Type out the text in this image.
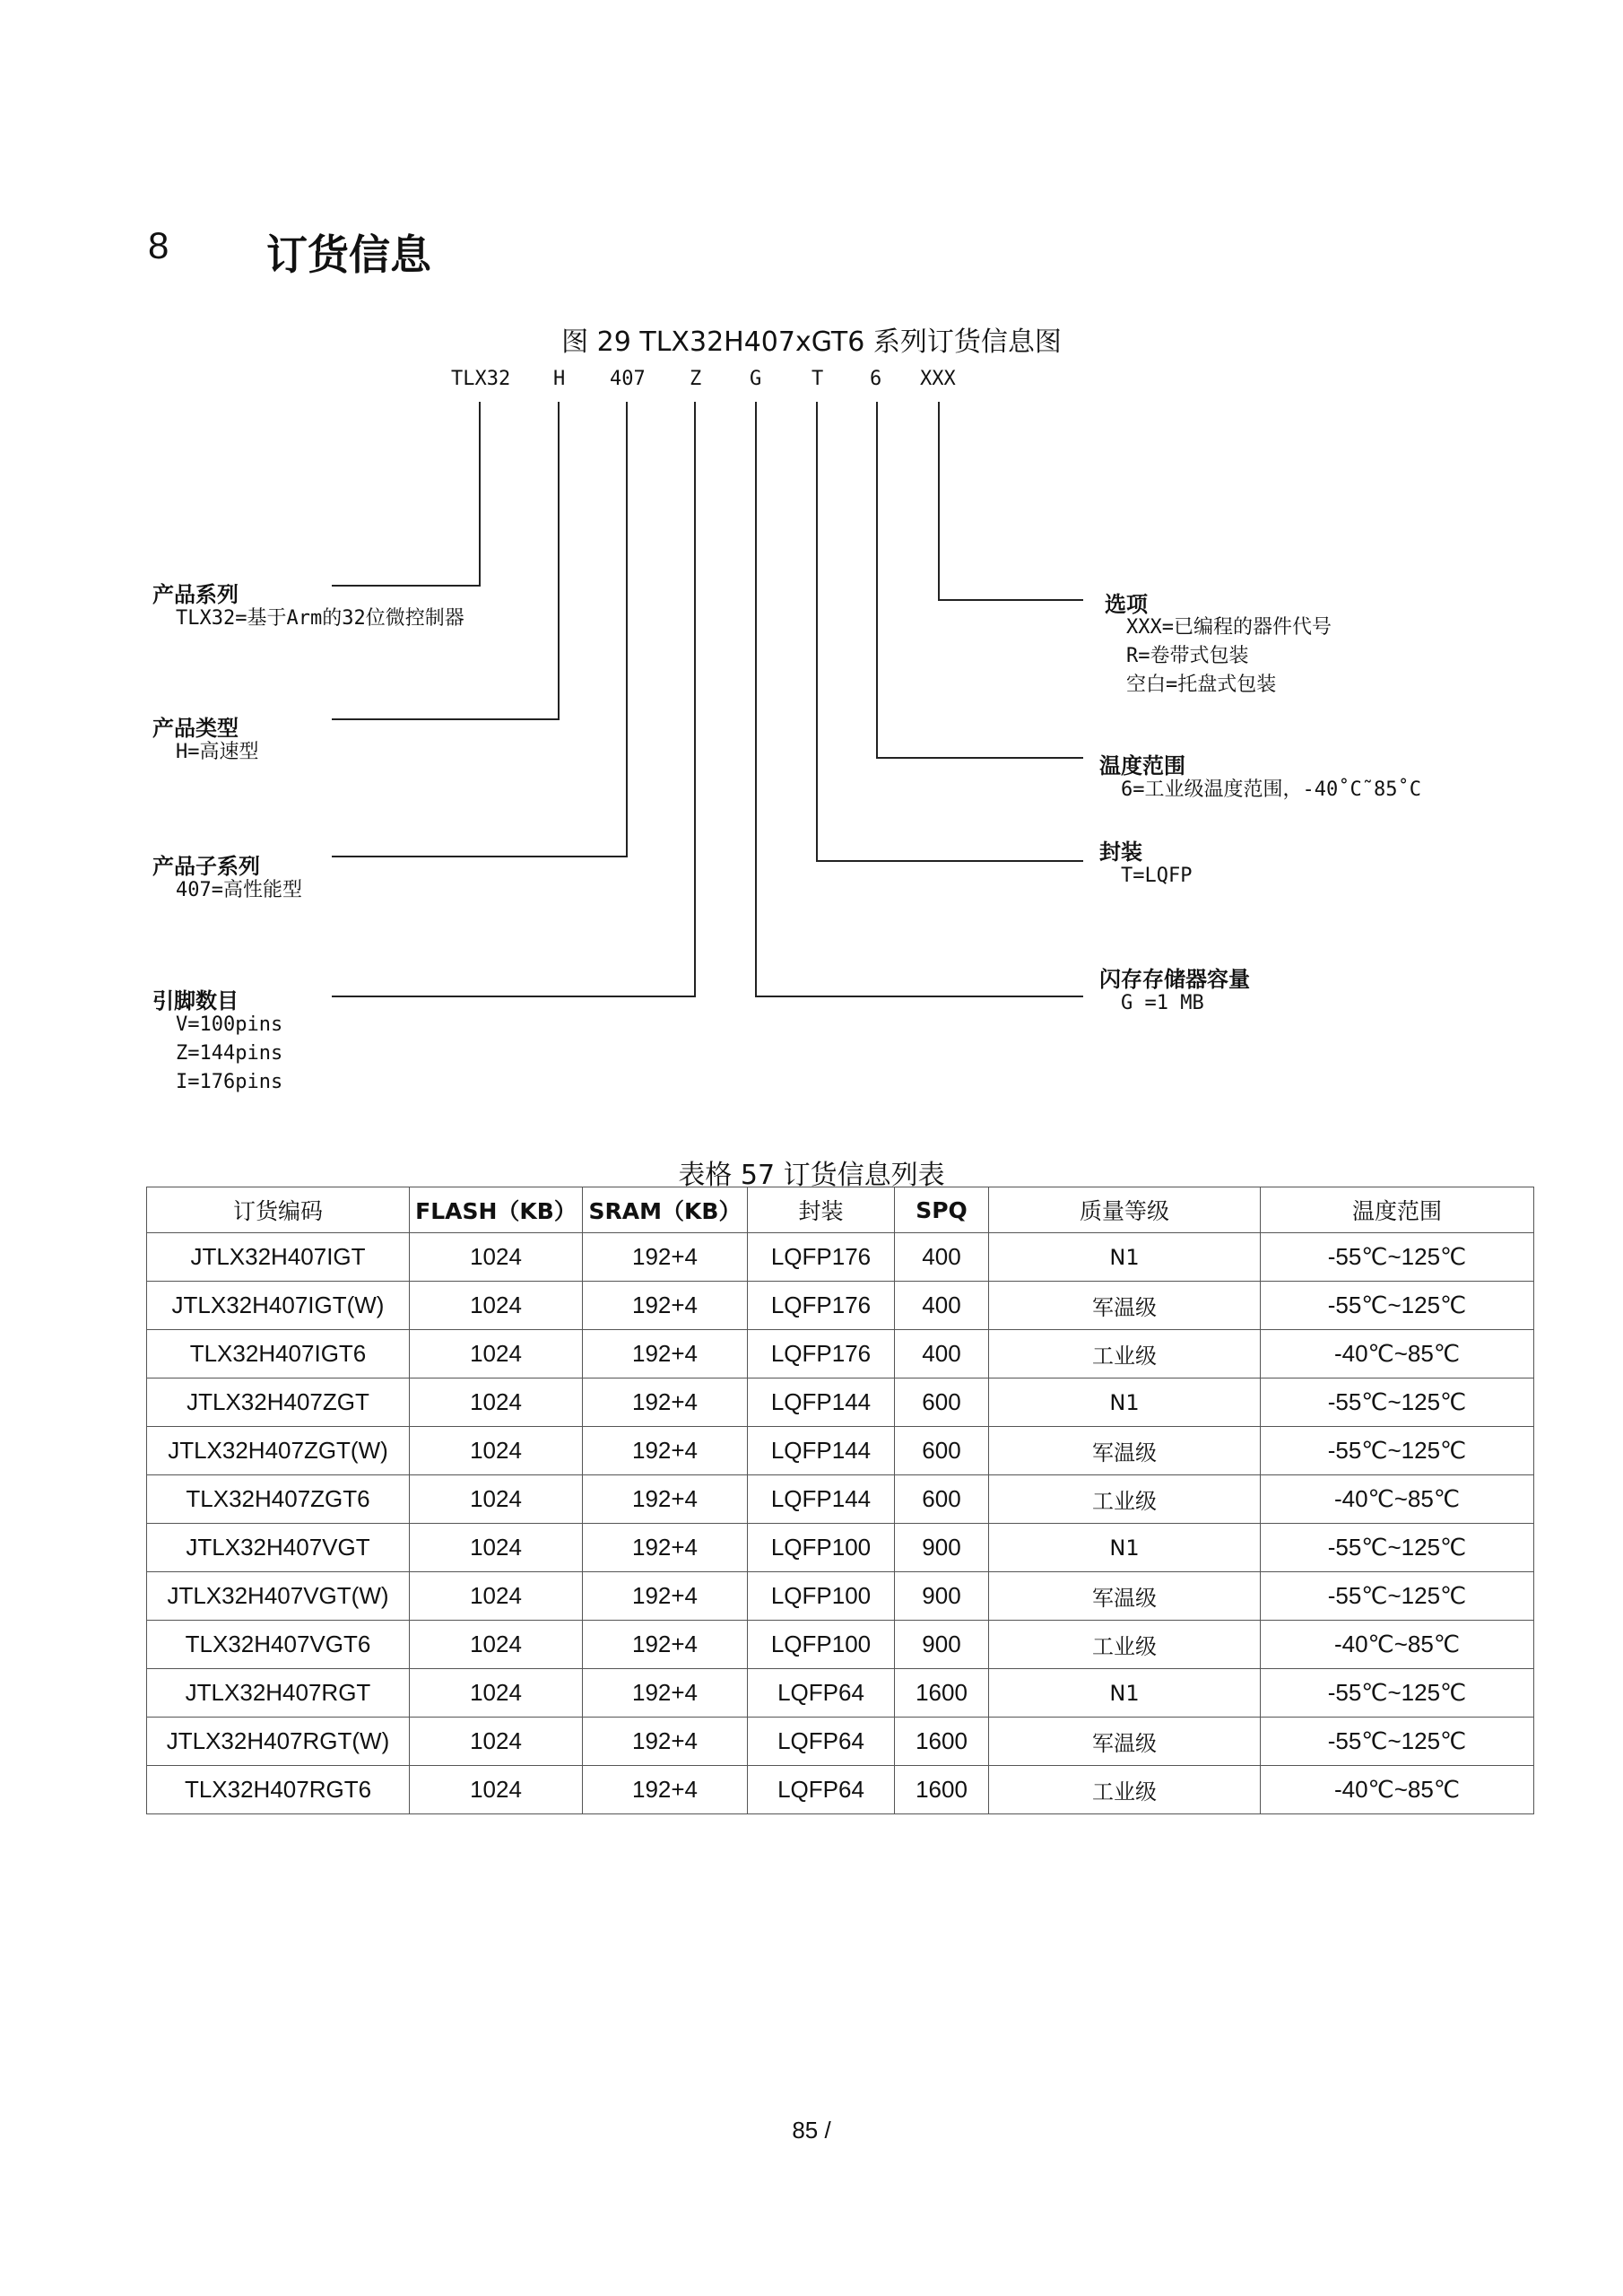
8 订货信息
图 29 TLX32H407xGT6 系列订货信息图
TLX32 H 407 Z G	T 6 XXX
产品系列
TLX32=基于Arm的32位微控制器
产品类型
H=高速型
产品子系列
407=高性能型
引脚数目
V=100pins
Z=144pins
I=176pins
选项
XXX=已编程的器件代号
R=卷带式包装
空白=托盘式包装
温度范围
6=工业级温度范围，-40˚C˜85˚C
封装
T=LQFP
闪存存储器容量
G =1 MB
表格 57 订货信息列表
订货编码	FLASH（KB）	SRAM（KB）	封装	SPQ	质量等级	温度范围
JTLX32H407IGT	1024	192+4	LQFP176	400	N1	-55℃~125℃
JTLX32H407IGT(W)	1024	192+4	LQFP176	400	军温级	-55℃~125℃
TLX32H407IGT6	1024	192+4	LQFP176	400	工业级	-40℃~85℃
JTLX32H407ZGT	1024	192+4	LQFP144	600	N1	-55℃~125℃
JTLX32H407ZGT(W)	1024	192+4	LQFP144	600	军温级	-55℃~125℃
TLX32H407ZGT6	1024	192+4	LQFP144	600	工业级	-40℃~85℃
JTLX32H407VGT	1024	192+4	LQFP100	900	N1	-55℃~125℃
JTLX32H407VGT(W)	1024	192+4	LQFP100	900	军温级	-55℃~125℃
TLX32H407VGT6	1024	192+4	LQFP100	900	工业级	-40℃~85℃
JTLX32H407RGT	1024	192+4	LQFP64	1600	N1	-55℃~125℃
JTLX32H407RGT(W)	1024	192+4	LQFP64	1600	军温级	-55℃~125℃
TLX32H407RGT6	1024	192+4	LQFP64	1600	工业级	-40℃~85℃
85 /
